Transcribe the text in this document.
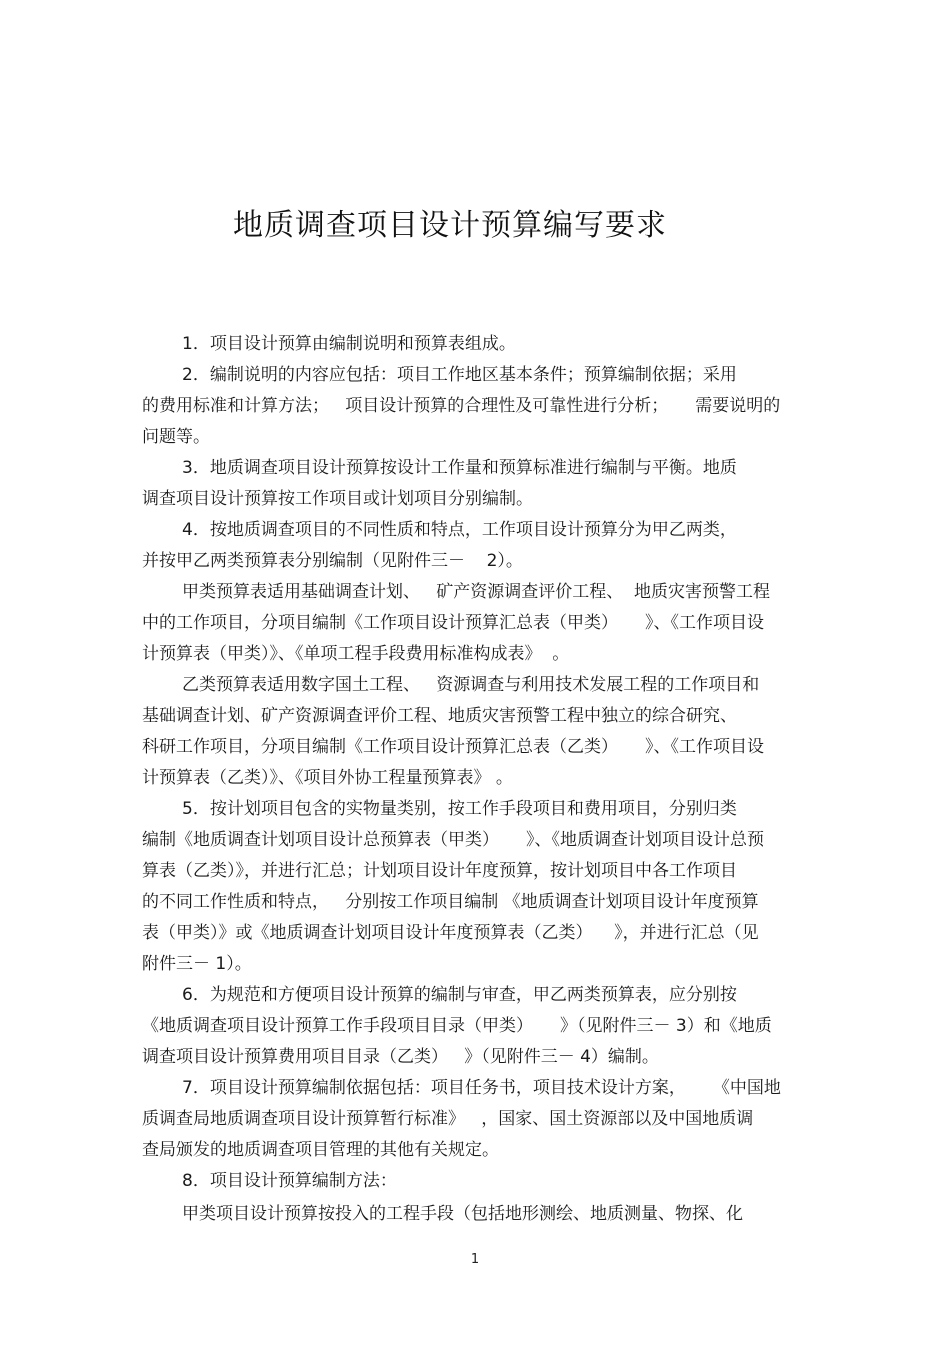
地质调查项目设计预算编写要求
1．项目设计预算由编制说明和预算表组成。
2．编制说明的内容应包括：项目工作地区基本条件；预算编制依据；采用
的费用标准和计算方法；   项目设计预算的合理性及可靠性进行分析；     需要说明的
问题等。
3．地质调查项目设计预算按设计工作量和预算标准进行编制与平衡。地质
调查项目设计预算按工作项目或计划项目分别编制。
4．按地质调查项目的不同性质和特点，工作项目设计预算分为甲乙两类，
并按甲乙两类预算表分别编制（见附件三－    2）。
甲类预算表适用基础调查计划、   矿产资源调查评价工程、  地质灾害预警工程
中的工作项目，分项目编制《工作项目设计预算汇总表（甲类）     》、《工作项目设
计预算表（甲类）》、《单项工程手段费用标准构成表》  。
乙类预算表适用数字国土工程、   资源调查与利用技术发展工程的工作项目和
基础调查计划、矿产资源调查评价工程、地质灾害预警工程中独立的综合研究、
科研工作项目，分项目编制《工作项目设计预算汇总表（乙类）     》、《工作项目设
计预算表（乙类）》、《项目外协工程量预算表》 。
5．按计划项目包含的实物量类别，按工作手段项目和费用项目，分别归类
编制《地质调查计划项目设计总预算表（甲类）     》、《地质调查计划项目设计总预
算表（乙类）》，并进行汇总；计划项目设计年度预算，按计划项目中各工作项目
的不同工作性质和特点，   分别按工作项目编制 《地质调查计划项目设计年度预算
表（甲类）》或《地质调查计划项目设计年度预算表（乙类）    》，并进行汇总（见
附件三－ 1）。
6．为规范和方便项目设计预算的编制与审查，甲乙两类预算表，应分别按
《地质调查项目设计预算工作手段项目目录（甲类）     》（见附件三－ 3）和《地质
调查项目设计预算费用项目目录（乙类）   》（见附件三－ 4）编制。
7．项目设计预算编制依据包括：项目任务书，项目技术设计方案，     《中国地
质调查局地质调查项目设计预算暂行标准》   ，国家、国土资源部以及中国地质调
查局颁发的地质调查项目管理的其他有关规定。
8．项目设计预算编制方法：
甲类项目设计预算按投入的工程手段（包括地形测绘、地质测量、物探、化
1
